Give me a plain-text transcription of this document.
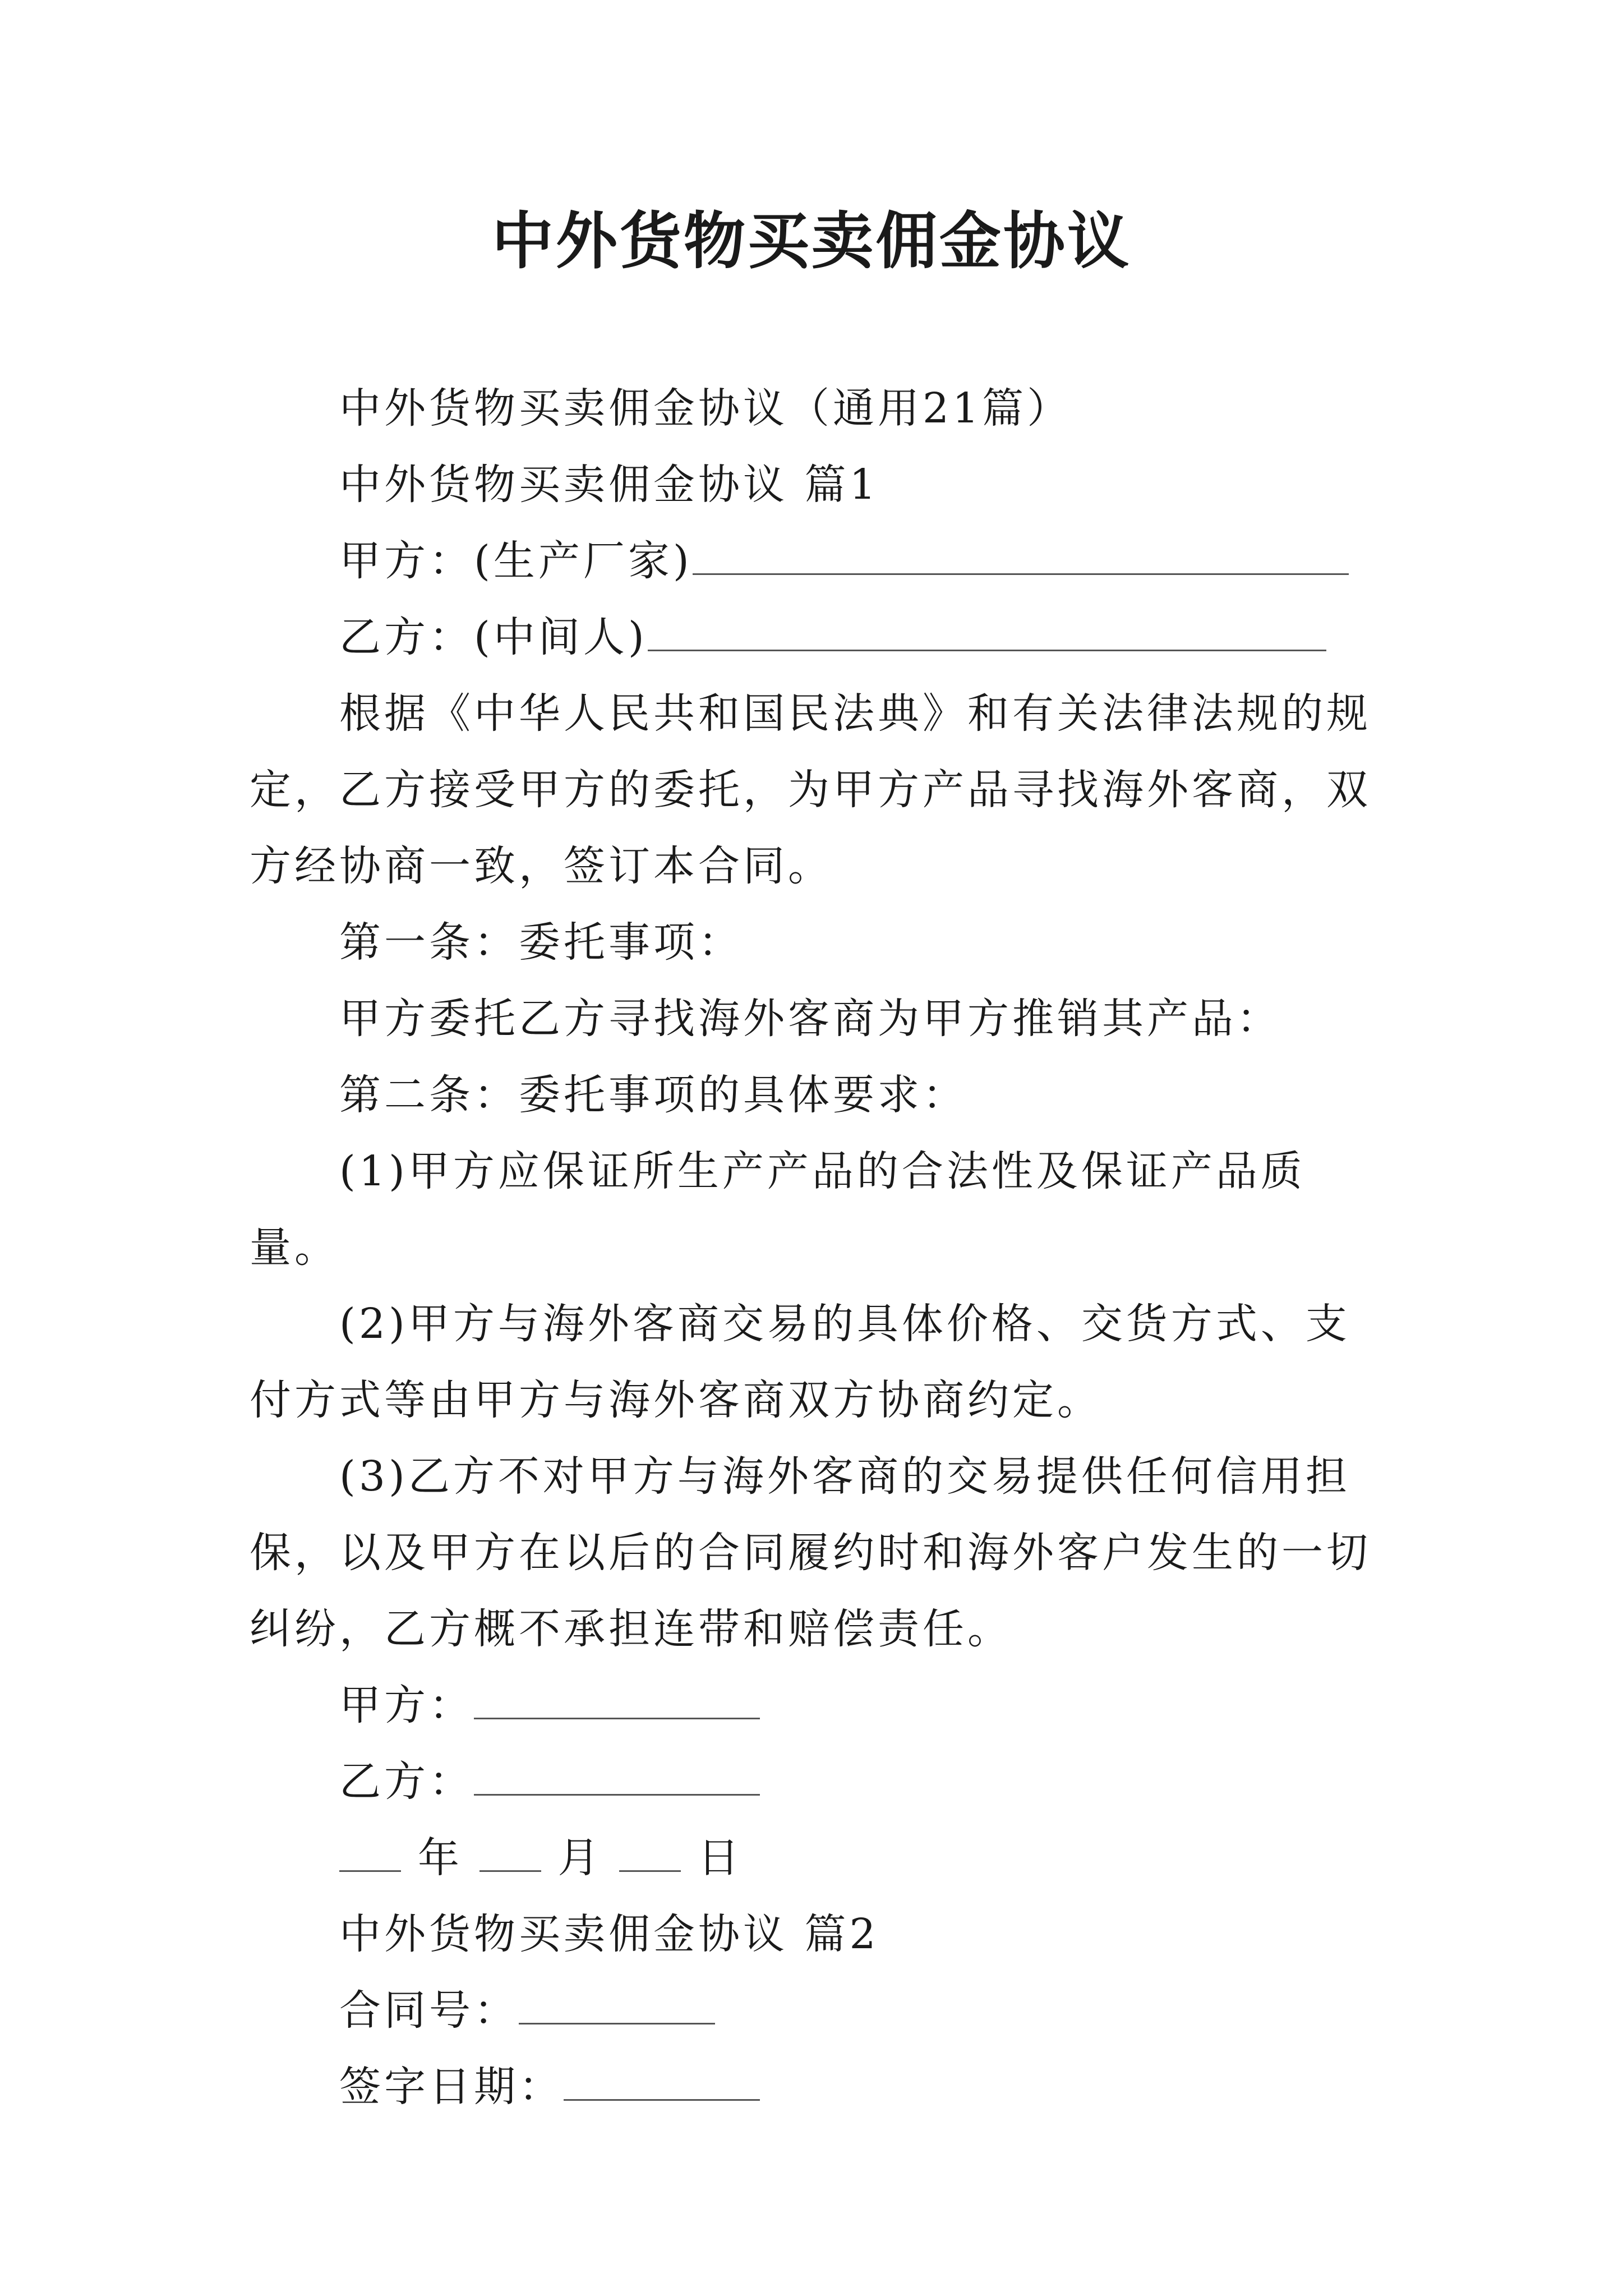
中外货物买卖佣金协议

中外货物买卖佣金协议（通用21篇）

中外货物买卖佣金协议 篇1

甲方：(生产厂家)

乙方：(中间人)

根据《中华人民共和国民法典》和有关法律法规的规定，乙方接受甲方的委托，为甲方产品寻找海外客商，双方经协商一致，签订本合同。

第一条：委托事项：

甲方委托乙方寻找海外客商为甲方推销其产品：

第二条：委托事项的具体要求：

(1)甲方应保证所生产产品的合法性及保证产品质量。

(2)甲方与海外客商交易的具体价格、交货方式、支付方式等由甲方与海外客商双方协商约定。

(3)乙方不对甲方与海外客商的交易提供任何信用担保，以及甲方在以后的合同履约时和海外客户发生的一切纠纷，乙方概不承担连带和赔偿责任。

甲方：

乙方：

年 月 日

中外货物买卖佣金协议 篇2

合同号：

签字日期：
